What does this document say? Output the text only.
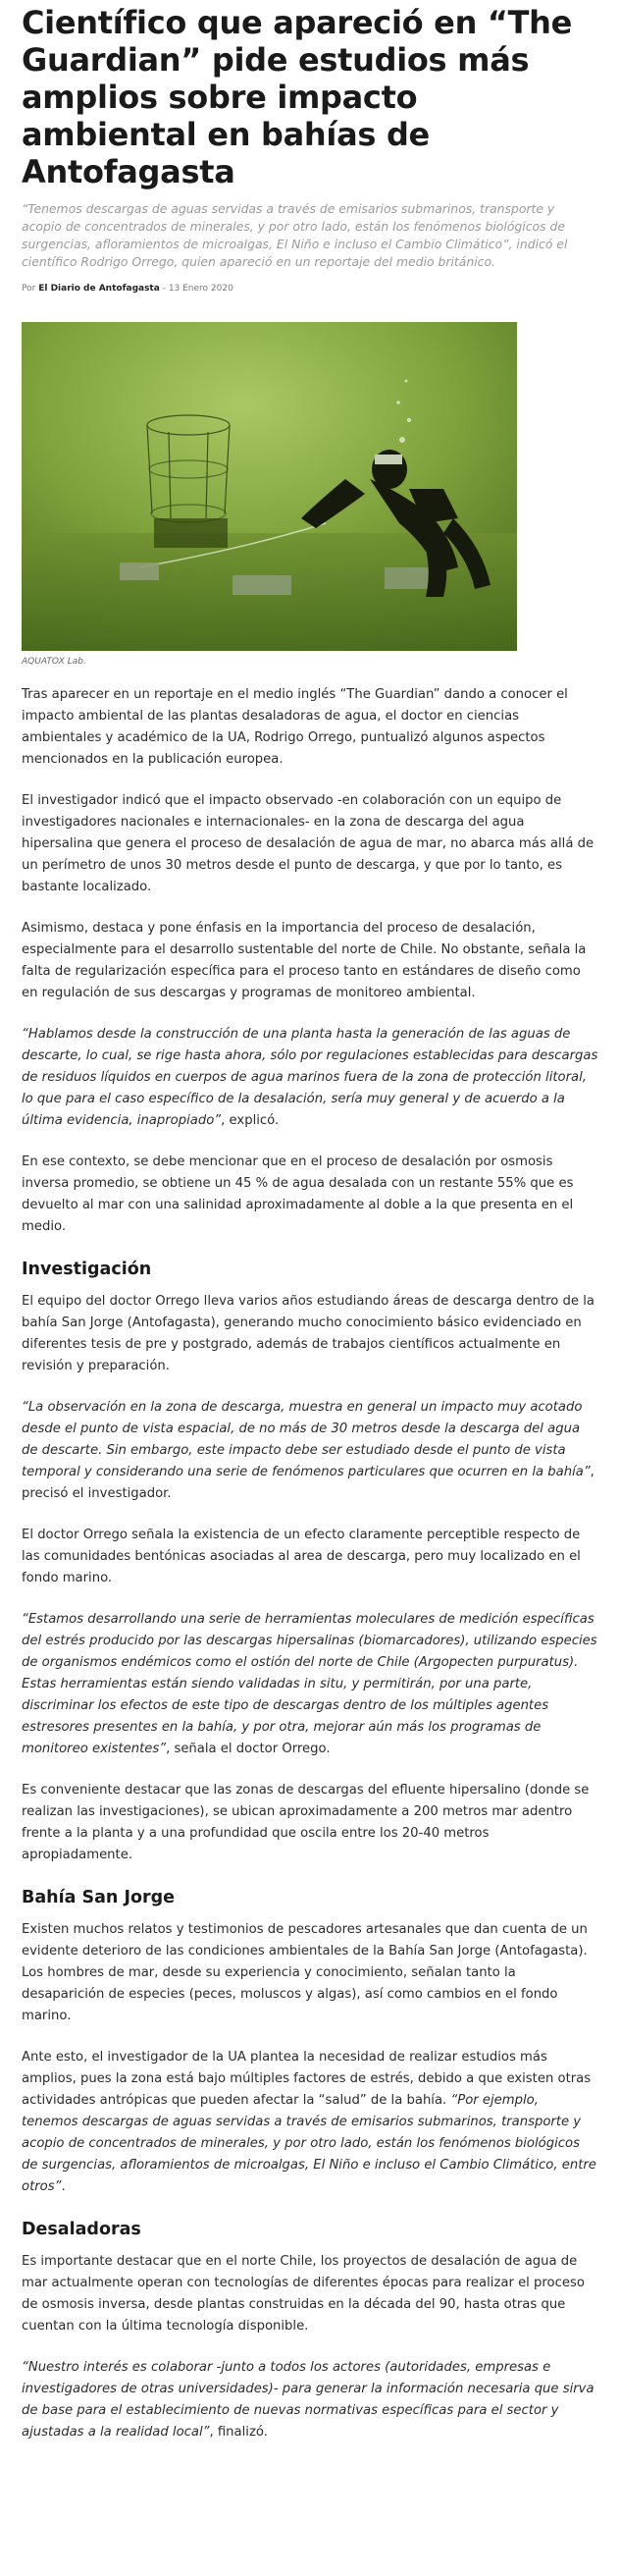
Científico que apareció en “The Guardian” pide estudios más amplios sobre impacto ambiental en bahías de Antofagasta

“Tenemos descargas de aguas servidas a través de emisarios submarinos, transporte y acopio de concentrados de minerales, y por otro lado, están los fenómenos biológicos de surgencias, afloramientos de microalgas, El Niño e incluso el Cambio Climático”, indicó el científico Rodrigo Orrego, quien apareció en un reportaje del medio británico.

Por El Diario de Antofagasta - 13 Enero 2020
AQUATOX Lab.

Tras aparecer en un reportaje en el medio inglés “The Guardian” dando a conocer el impacto ambiental de las plantas desaladoras de agua, el doctor en ciencias ambientales y académico de la UA, Rodrigo Orrego, puntualizó algunos aspectos mencionados en la publicación europea.

El investigador indicó que el impacto observado -en colaboración con un equipo de investigadores nacionales e internacionales- en la zona de descarga del agua hipersalina que genera el proceso de desalación de agua de mar, no abarca más allá de un perímetro de unos 30 metros desde el punto de descarga, y que por lo tanto, es bastante localizado.

Asimismo, destaca y pone énfasis en la importancia del proceso de desalación, especialmente para el desarrollo sustentable del norte de Chile. No obstante, señala la falta de regularización específica para el proceso tanto en estándares de diseño como en regulación de sus descargas y programas de monitoreo ambiental.

“Hablamos desde la construcción de una planta hasta la generación de las aguas de descarte, lo cual, se rige hasta ahora, sólo por regulaciones establecidas para descargas de residuos líquidos en cuerpos de agua marinos fuera de la zona de protección litoral, lo que para el caso específico de la desalación, sería muy general y de acuerdo a la última evidencia, inapropiado”, explicó.

En ese contexto, se debe mencionar que en el proceso de desalación por osmosis inversa promedio, se obtiene un 45 % de agua desalada con un restante 55% que es devuelto al mar con una salinidad aproximadamente al doble a la que presenta en el medio.

Investigación

El equipo del doctor Orrego lleva varios años estudiando áreas de descarga dentro de la bahía San Jorge (Antofagasta), generando mucho conocimiento básico evidenciado en diferentes tesis de pre y postgrado, además de trabajos científicos actualmente en revisión y preparación.

“La observación en la zona de descarga, muestra en general un impacto muy acotado desde el punto de vista espacial, de no más de 30 metros desde la descarga del agua de descarte. Sin embargo, este impacto debe ser estudiado desde el punto de vista temporal y considerando una serie de fenómenos particulares que ocurren en la bahía”, precisó el investigador.

El doctor Orrego señala la existencia de un efecto claramente perceptible respecto de las comunidades bentónicas asociadas al area de descarga, pero muy localizado en el fondo marino.

“Estamos desarrollando una serie de herramientas moleculares de medición específicas del estrés producido por las descargas hipersalinas (biomarcadores), utilizando especies de organismos endémicos como el ostión del norte de Chile (Argopecten purpuratus). Estas herramientas están siendo validadas in situ, y permitirán, por una parte, discriminar los efectos de este tipo de descargas dentro de los múltiples agentes estresores presentes en la bahía, y por otra, mejorar aún más los programas de monitoreo existentes”, señala el doctor Orrego.

Es conveniente destacar que las zonas de descargas del efluente hipersalino (donde se realizan las investigaciones), se ubican aproximadamente a 200 metros mar adentro frente a la planta y a una profundidad que oscila entre los 20-40 metros apropiadamente.

Bahía San Jorge

Existen muchos relatos y testimonios de pescadores artesanales que dan cuenta de un evidente deterioro de las condiciones ambientales de la Bahía San Jorge (Antofagasta). Los hombres de mar, desde su experiencia y conocimiento, señalan tanto la desaparición de especies (peces, moluscos y algas), así como cambios en el fondo marino.

Ante esto, el investigador de la UA plantea la necesidad de realizar estudios más amplios, pues la zona está bajo múltiples factores de estrés, debido a que existen otras actividades antrópicas que pueden afectar la “salud” de la bahía. “Por ejemplo, tenemos descargas de aguas servidas a través de emisarios submarinos, transporte y acopio de concentrados de minerales, y por otro lado, están los fenómenos biológicos de surgencias, afloramientos de microalgas, El Niño e incluso el Cambio Climático, entre otros”.

Desaladoras

Es importante destacar que en el norte Chile, los proyectos de desalación de agua de mar actualmente operan con tecnologías de diferentes épocas para realizar el proceso de osmosis inversa, desde plantas construidas en la década del 90, hasta otras que cuentan con la última tecnología disponible.

“Nuestro interés es colaborar -junto a todos los actores (autoridades, empresas e investigadores de otras universidades)- para generar la información necesaria que sirva de base para el establecimiento de nuevas normativas específicas para el sector y ajustadas a la realidad local”, finalizó.
